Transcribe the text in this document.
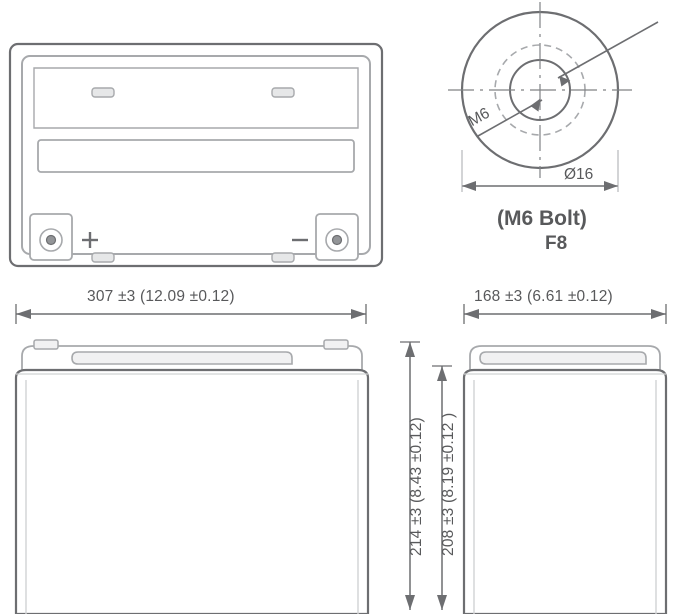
M6
Ø16
(M6 Bolt)
F8
307 ±3 (12.09 ±0.12)	168 ±3 (6.61 ±0.12)
214 ±3 (8.43 ±0.12) 208 ±3 (8.19 ±0.12 )
